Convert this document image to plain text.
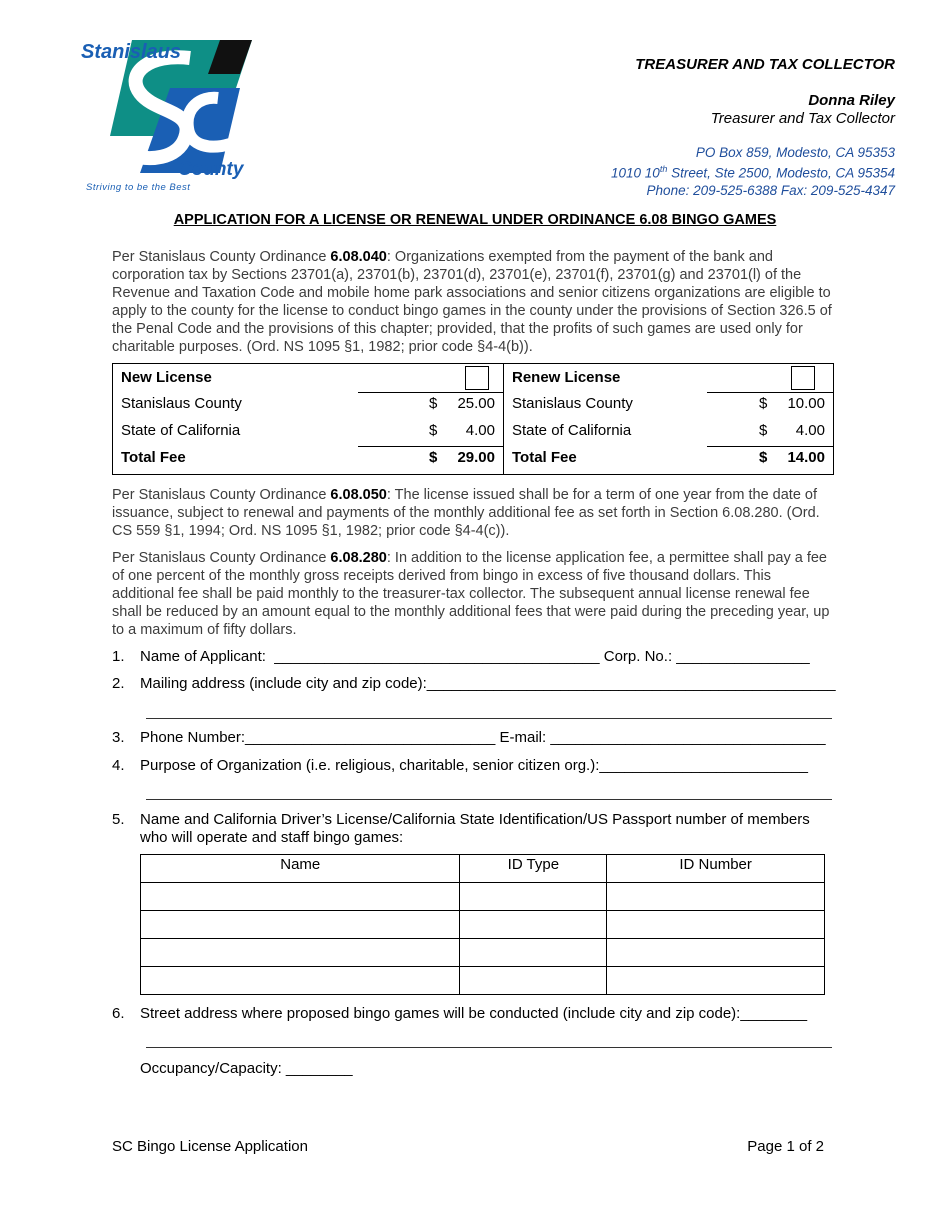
Stanislaus
County
Striving to be the Best
TREASURER AND TAX COLLECTOR
Donna Riley
Treasurer and Tax Collector
PO Box 859, Modesto, CA 95353
1010 10th Street, Ste 2500, Modesto, CA 95354
Phone: 209-525-6388 Fax: 209-525-4347
APPLICATION FOR A LICENSE OR RENEWAL UNDER ORDINANCE 6.08 BINGO GAMES
Per Stanislaus County Ordinance 6.08.040: Organizations exempted from the payment of the bank and corporation tax by Sections 23701(a), 23701(b), 23701(d), 23701(e), 23701(f), 23701(g) and 23701(l) of the Revenue and Taxation Code and mobile home park associations and senior citizens organizations are eligible to apply to the county for the license to conduct bingo games in the county under the provisions of Section 326.5 of the Penal Code and the provisions of this chapter; provided, that the profits of such games are used only for charitable purposes. (Ord. NS 1095 §1, 1982; prior code §4-4(b)).
New License
Stanislaus County	$ 25.00
State of California	$ 4.00
Total Fee	$ 29.00
Renew License
Stanislaus County	$ 10.00
State of California	$ 4.00
Total Fee	$ 14.00
Per Stanislaus County Ordinance 6.08.050: The license issued shall be for a term of one year from the date of issuance, subject to renewal and payments of the monthly additional fee as set forth in Section 6.08.280. (Ord. CS 559 §1, 1994; Ord. NS 1095 §1, 1982; prior code §4-4(c)).
Per Stanislaus County Ordinance 6.08.280: In addition to the license application fee, a permittee shall pay a fee of one percent of the monthly gross receipts derived from bingo in excess of five thousand dollars. This additional fee shall be paid monthly to the treasurer-tax collector. The subsequent annual license renewal fee shall be reduced by an amount equal to the monthly additional fees that were paid during the preceding year, up to a maximum of fifty dollars.
1. Name of Applicant:  _______________________________________ Corp. No.: ________________
2. Mailing address (include city and zip code):_________________________________________________
3. Phone Number:______________________________ E-mail: _________________________________
4. Purpose of Organization (i.e. religious, charitable, senior citizen org.):_________________________
5. Name and California Driver’s License/California State Identification/US Passport number of members
who will operate and staff bingo games:
Name	ID Type	ID Number

6. Street address where proposed bingo games will be conducted (include city and zip code):________
Occupancy/Capacity: ________
SC Bingo License Application	Page 1 of 2
